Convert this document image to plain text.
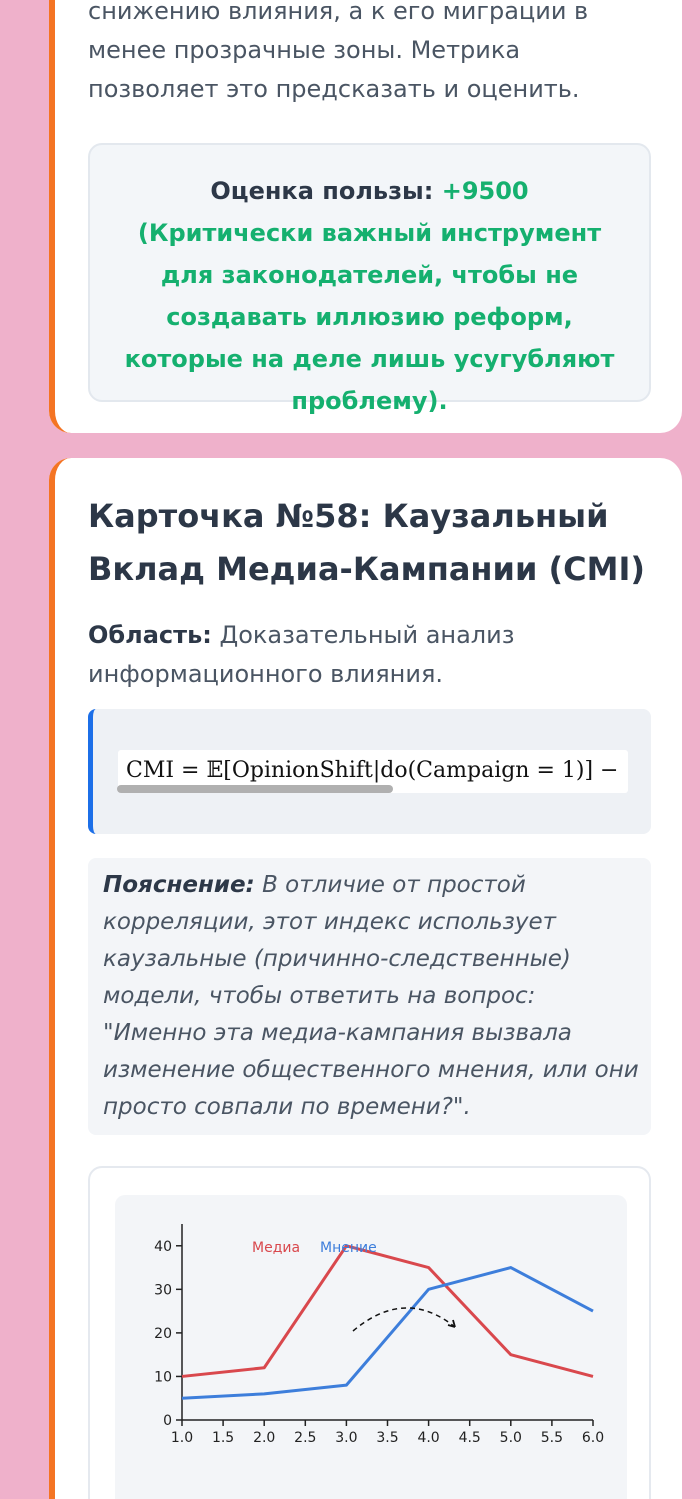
снижению влияния, а к его миграции в
менее прозрачные зоны. Метрика
позволяет это предсказать и оценить.
Оценка пользы: +9500 (Критически важный инструмент для законодателей, чтобы не создавать иллюзию реформ, которые на деле лишь усугубляют проблему).
Карточка №58: Каузальный Вклад Медиа-Кампании (CMI)
Область: Доказательный анализ информационного влияния.
CMI = 𝔼[OpinionShift|do(Campaign = 1)] −
Пояснение: В отличие от простой корреляции, этот индекс использует каузальные (причинно-следственные) модели, чтобы ответить на вопрос: "Именно эта медиа-кампания вызвала изменение общественного мнения, или они просто совпали по времени?".
0
10
20
30
40
1.0 1.5 2.0 2.5 3.0 3.5 4.0 4.5 5.0 5.5 6.0
Медиа Мнение
